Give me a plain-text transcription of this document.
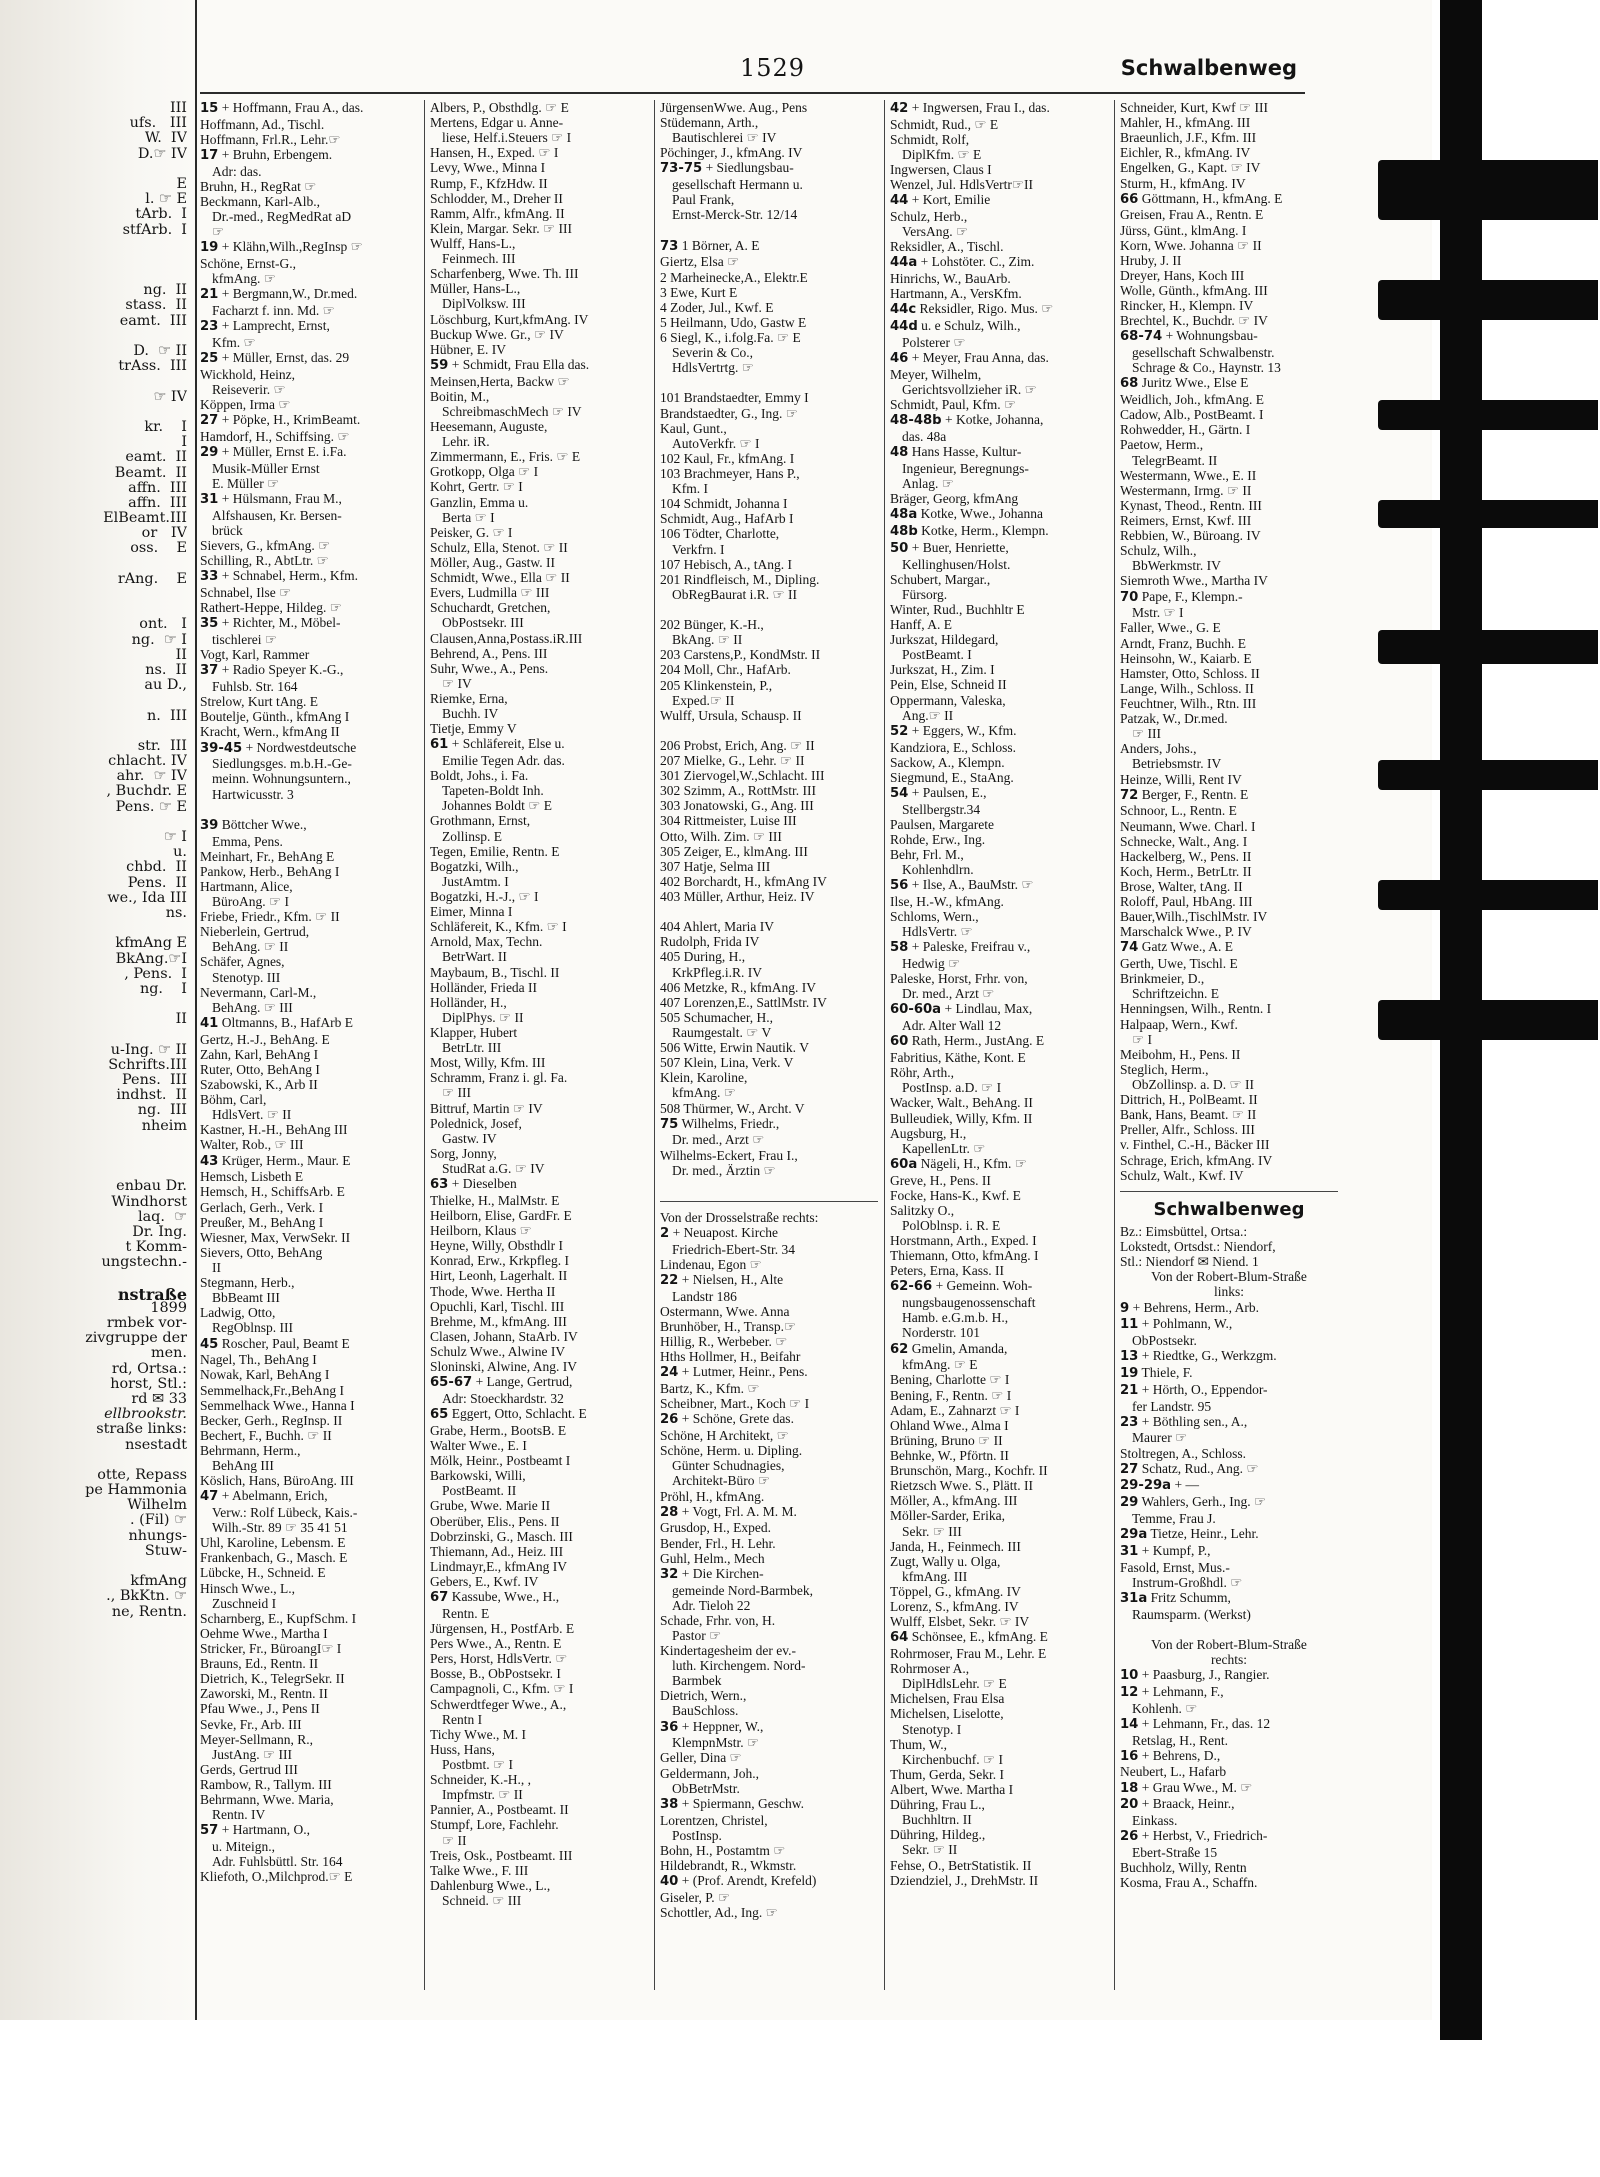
III
ufs.   III
W.  IV
D.☞ IV
E
l. ☞ E
tArb.  I
stfArb.  I
ng.  II
stass.  II
eamt.  III
D.  ☞ II
trAss.  III
☞ IV
kr.    I
I
eamt.  II
Beamt.  II
affn.  III
affn.  III
ElBeamt.III
or   IV
oss.    E
rAng.    E
ont.   I
ng.  ☞ I
II
ns.  II
au D.,
n.  III
str.  III
chlacht. IV
ahr.  ☞ IV
, Buchdr. E
Pens. ☞ E
☞ I
u.
chbd.  II
Pens.  II
we., Ida III
ns.
kfmAng E
BkAng.☞I
, Pens.  I
ng.    I
II
u-Ing. ☞ II
Schrifts.III
Pens.  III
indhst.  II
ng.  III
nheim
enbau Dr.
Windhorst
laq.  ☞
Dr. Ing.
t Komm-
ungstechn.-
nstraße
1899
rmbek vor-
zivgruppe der
men.
rd, Ortsa.:
horst, Stl.:
rd ✉ 33
ellbrookstr.
straße links:
nsestadt
otte, Repass
pe Hammonia
Wilhelm
. (Fil) ☞
nhungs-
Stuw-
kfmAng
., BkKtn. ☞
ne, Rentn.
1529	Schwalbenweg
15 + Hoffmann, Frau A., das.
Hoffmann, Ad., Tischl.
Hoffmann, Frl.R., Lehr.☞
17 + Bruhn, Erbengem.
Adr: das.
Bruhn, H., RegRat ☞
Beckmann, Karl-Alb.,
Dr.-med., RegMedRat aD
☞
19 + Klähn,Wilh.,RegInsp ☞
Schöne, Ernst-G.,
kfmAng. ☞
21 + Bergmann,W., Dr.med.
Facharzt f. inn. Md. ☞
23 + Lamprecht, Ernst,
Kfm. ☞
25 + Müller, Ernst, das. 29
Wickhold, Heinz,
Reiseverir. ☞
Köppen, Irma ☞
27 + Pöpke, H., KrimBeamt.
Hamdorf, H., Schiffsing. ☞
29 + Müller, Ernst E. i.Fa.
Musik-Müller Ernst
E. Müller ☞
31 + Hülsmann, Frau M.,
Alfshausen, Kr. Bersen-
brück
Sievers, G., kfmAng. ☞
Schilling, R., AbtLtr. ☞
33 + Schnabel, Herm., Kfm.
Schnabel, Ilse ☞
Rathert-Heppe, Hildeg. ☞
35 + Richter, M., Möbel-
tischlerei ☞
Vogt, Karl, Rammer
37 + Radio Speyer K.-G.,
Fuhlsb. Str. 164
Strelow, Kurt tAng. E
Boutelje, Günth., kfmAng I
Kracht, Wern., kfmAng II
39-45 + Nordwestdeutsche
Siedlungsges. m.b.H.-Ge-
meinn. Wohnungsuntern.,
Hartwicusstr. 3

39 Böttcher Wwe.,
Emma, Pens.
Meinhart, Fr., BehAng E
Pankow, Herb., BehAng I
Hartmann, Alice,
BüroAng. ☞ I
Friebe, Friedr., Kfm. ☞ II
Nieberlein, Gertrud,
BehAng. ☞ II
Schäfer, Agnes,
Stenotyp. III
Nevermann, Carl-M.,
BehAng. ☞ III
41 Oltmanns, B., HafArb E
Gertz, H.-J., BehAng. E
Zahn, Karl, BehAng I
Ruter, Otto, BehAng I
Szabowski, K., Arb II
Böhm, Carl,
HdlsVert. ☞ II
Kastner, H.-H., BehAng III
Walter, Rob., ☞ III
43 Krüger, Herm., Maur. E
Hemsch, Lisbeth E
Hemsch, H., SchiffsArb. E
Gerlach, Gerh., Verk. I
Preußer, M., BehAng I
Wiesner, Max, VerwSekr. II
Sievers, Otto, BehAng
II
Stegmann, Herb.,
BbBeamt III
Ladwig, Otto,
RegOblnsp. III
45 Roscher, Paul, Beamt E
Nagel, Th., BehAng I
Nowak, Karl, BehAng I
Semmelhack,Fr.,BehAng I
Semmelhack Wwe., Hanna I
Becker, Gerh., RegInsp. II
Bechert, F., Buchh. ☞ II
Behrmann, Herm.,
BehAng III
Köslich, Hans, BüroAng. III
47 + Abelmann, Erich,
Verw.: Rolf Lübeck, Kais.-
Wilh.-Str. 89 ☞ 35 41 51
Uhl, Karoline, Lebensm. E
Frankenbach, G., Masch. E
Lübcke, H., Schneid. E
Hinsch Wwe., L.,
Zuschneid I
Scharnberg, E., KupfSchm. I
Oehme Wwe., Martha I
Stricker, Fr., BüroangI☞ I
Brauns, Ed., Rentn. II
Dietrich, K., TelegrSekr. II
Zaworski, M., Rentn. II
Pfau Wwe., J., Pens II
Sevke, Fr., Arb. III
Meyer-Sellmann, R.,
JustAng. ☞ III
Gerds, Gertrud III
Rambow, R., Tallym. III
Behrmann, Wwe. Maria,
Rentn. IV
57 + Hartmann, O.,
u. Miteign.,
Adr. Fuhlsbüttl. Str. 164
Kliefoth, O.,Milchprod.☞ E
Albers, P., Obsthdlg. ☞ E
Mertens, Edgar u. Anne-
liese, Helf.i.Steuers ☞ I
Hansen, H., Exped. ☞ I
Levy, Wwe., Minna I
Rump, F., KfzHdw. II
Schlodder, M., Dreher II
Ramm, Alfr., kfmAng. II
Klein, Margar. Sekr. ☞ III
Wulff, Hans-L.,
Feinmech. III
Scharfenberg, Wwe. Th. III
Müller, Hans-L.,
DiplVolksw. III
Löschburg, Kurt,kfmAng. IV
Buckup Wwe. Gr., ☞ IV
Hübner, E. IV
59 + Schmidt, Frau Ella das.
Meinsen,Herta, Backw ☞
Boitin, M.,
SchreibmaschMech ☞ IV
Heesemann, Auguste,
Lehr. iR.
Zimmermann, E., Fris. ☞ E
Grotkopp, Olga ☞ I
Kohrt, Gertr. ☞ I
Ganzlin, Emma u.
Berta ☞ I
Peisker, G. ☞ I
Schulz, Ella, Stenot. ☞ II
Möller, Aug., Gastw. II
Schmidt, Wwe., Ella ☞ II
Evers, Ludmilla ☞ III
Schuchardt, Gretchen,
ObPostsekr. III
Clausen,Anna,Postass.iR.III
Behrend, A., Pens. III
Suhr, Wwe., A., Pens.
☞ IV
Riemke, Erna,
Buchh. IV
Tietje, Emmy V
61 + Schläfereit, Else u.
Emilie Tegen Adr. das.
Boldt, Johs., i. Fa.
Tapeten-Boldt Inh.
Johannes Boldt ☞ E
Grothmann, Ernst,
Zollinsp. E
Tegen, Emilie, Rentn. E
Bogatzki, Wilh.,
JustAmtm. I
Bogatzki, H.-J., ☞ I
Eimer, Minna I
Schläfereit, K., Kfm. ☞ I
Arnold, Max, Techn.
BetrWart. II
Maybaum, B., Tischl. II
Holländer, Frieda II
Holländer, H.,
DiplPhys. ☞ II
Klapper, Hubert
BetrLtr. III
Most, Willy, Kfm. III
Schramm, Franz i. gl. Fa.
☞ III
Bittruf, Martin ☞ IV
Polednick, Josef,
Gastw. IV
Sorg, Jonny,
StudRat a.G. ☞ IV
63 + Dieselben
Thielke, H., MalMstr. E
Heilborn, Elise, GardFr. E
Heilborn, Klaus ☞
Heyne, Willy, Obsthdlr I
Konrad, Erw., Krkpfleg. I
Hirt, Leonh, Lagerhalt. II
Thode, Wwe. Hertha II
Opuchli, Karl, Tischl. III
Brehme, M., kfmAng. III
Clasen, Johann, StaArb. IV
Schulz Wwe., Alwine IV
Sloninski, Alwine, Ang. IV
65-67 + Lange, Gertrud,
Adr: Stoeckhardstr. 32
65 Eggert, Otto, Schlacht. E
Grabe, Herm., BootsB. E
Walter Wwe., E. I
Mölk, Heinr., Postbeamt I
Barkowski, Willi,
PostBeamt. II
Grube, Wwe. Marie II
Oberüber, Elis., Pens. II
Dobrzinski, G., Masch. III
Thiemann, Ad., Heiz. III
Lindmayr,E., kfmAng IV
Gebers, E., Kwf. IV
67 Kassube, Wwe., H.,
Rentn. E
Jürgensen, H., PostfArb. E
Pers Wwe., A., Rentn. E
Pers, Horst, HdlsVertr. ☞
Bosse, B., ObPostsekr. I
Campagnoli, C., Kfm. ☞ I
Schwerdtfeger Wwe., A.,
Rentn I
Tichy Wwe., M. I
Huss, Hans,
Postbmt. ☞ I
Schneider, K.-H., ,
Impfmstr. ☞ II
Pannier, A., Postbeamt. II
Stumpf, Lore, Fachlehr.
☞ II
Treis, Osk., Postbeamt. III
Talke Wwe., F. III
Dahlenburg Wwe., L.,
Schneid. ☞ III
JürgensenWwe. Aug., Pens
Stüdemann, Arth.,
Bautischlerei ☞ IV
Pöchinger, J., kfmAng. IV
73-75 + Siedlungsbau-
gesellschaft Hermann u.
Paul Frank,
Ernst-Merck-Str. 12/14

73 1 Börner, A. E
Giertz, Elsa ☞
2 Marheinecke,A., Elektr.E
3 Ewe, Kurt E
4 Zoder, Jul., Kwf. E
5 Heilmann, Udo, Gastw E
6 Siegl, K., i.folg.Fa. ☞ E
Severin & Co.,
HdlsVertrtg. ☞

101 Brandstaedter, Emmy I
Brandstaedter, G., Ing. ☞
Kaul, Gunt.,
AutoVerkfr. ☞ I
102 Kaul, Fr., kfmAng. I
103 Brachmeyer, Hans P.,
Kfm. I
104 Schmidt, Johanna I
Schmidt, Aug., HafArb I
106 Tödter, Charlotte,
Verkfrn. I
107 Hebisch, A., tAng. I
201 Rindfleisch, M., Dipling.
ObRegBaurat i.R. ☞ II

202 Bünger, K.-H.,
BkAng. ☞ II
203 Carstens,P., KondMstr. II
204 Moll, Chr., HafArb.
205 Klinkenstein, P.,
Exped.☞ II
Wulff, Ursula, Schausp. II

206 Probst, Erich, Ang. ☞ II
207 Mielke, G., Lehr. ☞ II
301 Ziervogel,W.,Schlacht. III
302 Szimm, A., RottMstr. III
303 Jonatowski, G., Ang. III
304 Rittmeister, Luise III
Otto, Wilh. Zim. ☞ III
305 Zeiger, E., klmAng. III
307 Hatje, Selma III
402 Borchardt, H., kfmAng IV
403 Müller, Arthur, Heiz. IV

404 Ahlert, Maria IV
Rudolph, Frida IV
405 During, H.,
KrkPfleg.i.R. IV
406 Metzke, R., kfmAng. IV
407 Lorenzen,E., SattlMstr. IV
505 Schumacher, H.,
Raumgestalt. ☞ V
506 Witte, Erwin Nautik. V
507 Klein, Lina, Verk. V
Klein, Karoline,
kfmAng. ☞
508 Thürmer, W., Archt. V
75 Wilhelms, Friedr.,
Dr. med., Arzt ☞
Wilhelms-Eckert, Frau I.,
Dr. med., Ärztin ☞

Von der Drosselstraße rechts:
2 + Neuapost. Kirche
Friedrich-Ebert-Str. 34
Lindenau, Egon ☞
22 + Nielsen, H., Alte
Landstr 186
Ostermann, Wwe. Anna
Brunhöber, H., Transp.☞
Hillig, R., Werbeber. ☞
Hths Hollmer, H., Beifahr
24 + Lutmer, Heinr., Pens.
Bartz, K., Kfm. ☞
Scheibner, Mart., Koch ☞ I
26 + Schöne, Grete das.
Schöne, H Architekt, ☞
Schöne, Herm. u. Dipling.
Günter Schudnagies,
Architekt-Büro ☞
Pröhl, H., kfmAng.
28 + Vogt, Frl. A. M. M.
Grusdop, H., Exped.
Bender, Frl., H. Lehr.
Guhl, Helm., Mech
32 + Die Kirchen-
gemeinde Nord-Barmbek,
Adr. Tieloh 22
Schade, Frhr. von, H.
Pastor ☞
Kindertagesheim der ev.-
luth. Kirchengem. Nord-
Barmbek
Dietrich, Wern.,
BauSchloss.
36 + Heppner, W.,
KlempnMstr. ☞
Geller, Dina ☞
Geldermann, Joh.,
ObBetrMstr.
38 + Spiermann, Geschw.
Lorentzen, Christel,
PostInsp.
Bohn, H., Postamtm ☞
Hildebrandt, R., Wkmstr.
40 + (Prof. Arendt, Krefeld)
Giseler, P. ☞
Schottler, Ad., Ing. ☞
42 + Ingwersen, Frau I., das.
Schmidt, Rud., ☞ E
Schmidt, Rolf,
DiplKfm. ☞ E
Ingwersen, Claus I
Wenzel, Jul. HdlsVertr☞II
44 + Kort, Emilie
Schulz, Herb.,
VersAng. ☞
Reksidler, A., Tischl.
44a + Lohstöter. C., Zim.
Hinrichs, W., BauArb.
Hartmann, A., VersKfm.
44c Reksidler, Rigo. Mus. ☞
44d u. e Schulz, Wilh.,
Polsterer ☞
46 + Meyer, Frau Anna, das.
Meyer, Wilhelm,
Gerichtsvollzieher iR. ☞
Schmidt, Paul, Kfm. ☞
48-48b + Kotke, Johanna,
das. 48a
48 Hans Hasse, Kultur-
Ingenieur, Beregnungs-
Anlag. ☞
Bräger, Georg, kfmAng
48a Kotke, Wwe., Johanna
48b Kotke, Herm., Klempn.
50 + Buer, Henriette,
Kellinghusen/Holst.
Schubert, Margar.,
Fürsorg.
Winter, Rud., Buchhltr E
Hanff, A. E
Jurkszat, Hildegard,
PostBeamt. I
Jurkszat, H., Zim. I
Pein, Else, Schneid II
Oppermann, Valeska,
Ang.☞ II
52 + Eggers, W., Kfm.
Kandziora, E., Schloss.
Sackow, A., Klempn.
Siegmund, E., StaAng.
54 + Paulsen, E.,
Stellbergstr.34
Paulsen, Margarete
Rohde, Erw., Ing.
Behr, Frl. M.,
Kohlenhdlrn.
56 + Ilse, A., BauMstr. ☞
Ilse, H.-W., kfmAng.
Schloms, Wern.,
HdlsVertr. ☞
58 + Paleske, Freifrau v.,
Hedwig ☞
Paleske, Horst, Frhr. von,
Dr. med., Arzt ☞
60-60a + Lindlau, Max,
Adr. Alter Wall 12
60 Rath, Herm., JustAng. E
Fabritius, Käthe, Kont. E
Röhr, Arth.,
PostInsp. a.D. ☞ I
Wacker, Walt., BehAng. II
Bulleudiek, Willy, Kfm. II
Augsburg, H.,
KapellenLtr. ☞
60a Nägeli, H., Kfm. ☞
Greve, H., Pens. II
Focke, Hans-K., Kwf. E
Salitzky O.,
PolOblnsp. i. R. E
Horstmann, Arth., Exped. I
Thiemann, Otto, kfmAng. I
Peters, Erna, Kass. II
62-66 + Gemeinn. Woh-
nungsbaugenossenschaft
Hamb. e.G.m.b. H.,
Norderstr. 101
62 Gmelin, Amanda,
kfmAng. ☞ E
Bening, Charlotte ☞ I
Bening, F., Rentn. ☞ I
Adam, E., Zahnarzt ☞ I
Ohland Wwe., Alma I
Brüning, Bruno ☞ II
Behnke, W., Pförtn. II
Brunschön, Marg., Kochfr. II
Rietzsch Wwe. S., Plätt. II
Möller, A., kfmAng. III
Möller-Sarder, Erika,
Sekr. ☞ III
Janda, H., Feinmech. III
Zugt, Wally u. Olga,
kfmAng. III
Töppel, G., kfmAng. IV
Lorenz, S., kfmAng. IV
Wulff, Elsbet, Sekr. ☞ IV
64 Schönsee, E., kfmAng. E
Rohrmoser, Frau M., Lehr. E
Rohrmoser A.,
DiplHdlsLehr. ☞ E
Michelsen, Frau Elsa
Michelsen, Liselotte,
Stenotyp. I
Thum, W.,
Kirchenbuchf. ☞ I
Thum, Gerda, Sekr. I
Albert, Wwe. Martha I
Dühring, Frau L.,
Buchhltrn. II
Dühring, Hildeg.,
Sekr. ☞ II
Fehse, O., BetrStatistik. II
Dziendziel, J., DrehMstr. II
Schneider, Kurt, Kwf ☞ III
Mahler, H., kfmAng. III
Braeunlich, J.F., Kfm. III
Eichler, R., kfmAng. IV
Engelken, G., Kapt. ☞ IV
Sturm, H., kfmAng. IV
66 Göttmann, H., kfmAng. E
Greisen, Frau A., Rentn. E
Jürss, Günt., klmAng. I
Korn, Wwe. Johanna ☞ II
Hruby, J. II
Dreyer, Hans, Koch III
Wolle, Günth., kfmAng. III
Rincker, H., Klempn. IV
Brechtel, K., Buchdr. ☞ IV
68-74 + Wohnungsbau-
gesellschaft Schwalbenstr.
Schrage & Co., Haynstr. 13
68 Juritz Wwe., Else E
Weidlich, Joh., kfmAng. E
Cadow, Alb., PostBeamt. I
Rohwedder, H., Gärtn. I
Paetow, Herm.,
TelegrBeamt. II
Westermann, Wwe., E. II
Westermann, Irmg. ☞ II
Kynast, Theod., Rentn. III
Reimers, Ernst, Kwf. III
Rebbien, W., Büroang. IV
Schulz, Wilh.,
BbWerkmstr. IV
Siemroth Wwe., Martha IV
70 Pape, F., Klempn.-
Mstr. ☞ I
Faller, Wwe., G. E
Arndt, Franz, Buchh. E
Heinsohn, W., Kaiarb. E
Hamster, Otto, Schloss. II
Lange, Wilh., Schloss. II
Feuchtner, Wilh., Rtn. III
Patzak, W., Dr.med.
☞ III
Anders, Johs.,
Betriebsmstr. IV
Heinze, Willi, Rent IV
72 Berger, F., Rentn. E
Schnoor, L., Rentn. E
Neumann, Wwe. Charl. I
Schnecke, Walt., Ang. I
Hackelberg, W., Pens. II
Koch, Herm., BetrLtr. II
Brose, Walter, tAng. II
Roloff, Paul, HbAng. III
Bauer,Wilh.,TischlMstr. IV
Marschalck Wwe., P. IV
74 Gatz Wwe., A. E
Gerth, Uwe, Tischl. E
Brinkmeier, D.,
Schriftzeichn. E
Henningsen, Wilh., Rentn. I
Halpaap, Wern., Kwf.
☞ I
Meibohm, H., Pens. II
Steglich, Herm.,
ObZollinsp. a. D. ☞ II
Dittrich, H., PolBeamt. II
Bank, Hans, Beamt. ☞ II
Preller, Alfr., Schloss. III
v. Finthel, C.-H., Bäcker III
Schrage, Erich, kfmAng. IV
Schulz, Walt., Kwf. IV
Schwalbenweg
Bz.: Eimsbüttel, Ortsa.:
Lokstedt, Ortsdst.: Niendorf,
Stl.: Niendorf ✉ Niend. 1
Von der Robert-Blum-Straße
links:
9 + Behrens, Herm., Arb.
11 + Pohlmann, W.,
ObPostsekr.
13 + Riedtke, G., Werkzgm.
19 Thiele, F.
21 + Hörth, O., Eppendor-
fer Landstr. 95
23 + Böthling sen., A.,
Maurer ☞
Stoltregen, A., Schloss.
27 Schatz, Rud., Ang. ☞
29-29a + —
29 Wahlers, Gerh., Ing. ☞
Temme, Frau J.
29a Tietze, Heinr., Lehr.
31 + Kumpf, P.,
Fasold, Ernst, Mus.-
Instrum-Großhdl. ☞
31a Fritz Schumm,
Raumsparm. (Werkst)

Von der Robert-Blum-Straße
rechts:
10 + Paasburg, J., Rangier.
12 + Lehmann, F.,
Kohlenh. ☞
14 + Lehmann, Fr., das. 12
Retslag, H., Rent.
16 + Behrens, D.,
Neubert, L., Hafarb
18 + Grau Wwe., M. ☞
20 + Braack, Heinr.,
Einkass.
26 + Herbst, V., Friedrich-
Ebert-Straße 15
Buchholz, Willy, Rentn
Kosma, Frau A., Schaffn.
